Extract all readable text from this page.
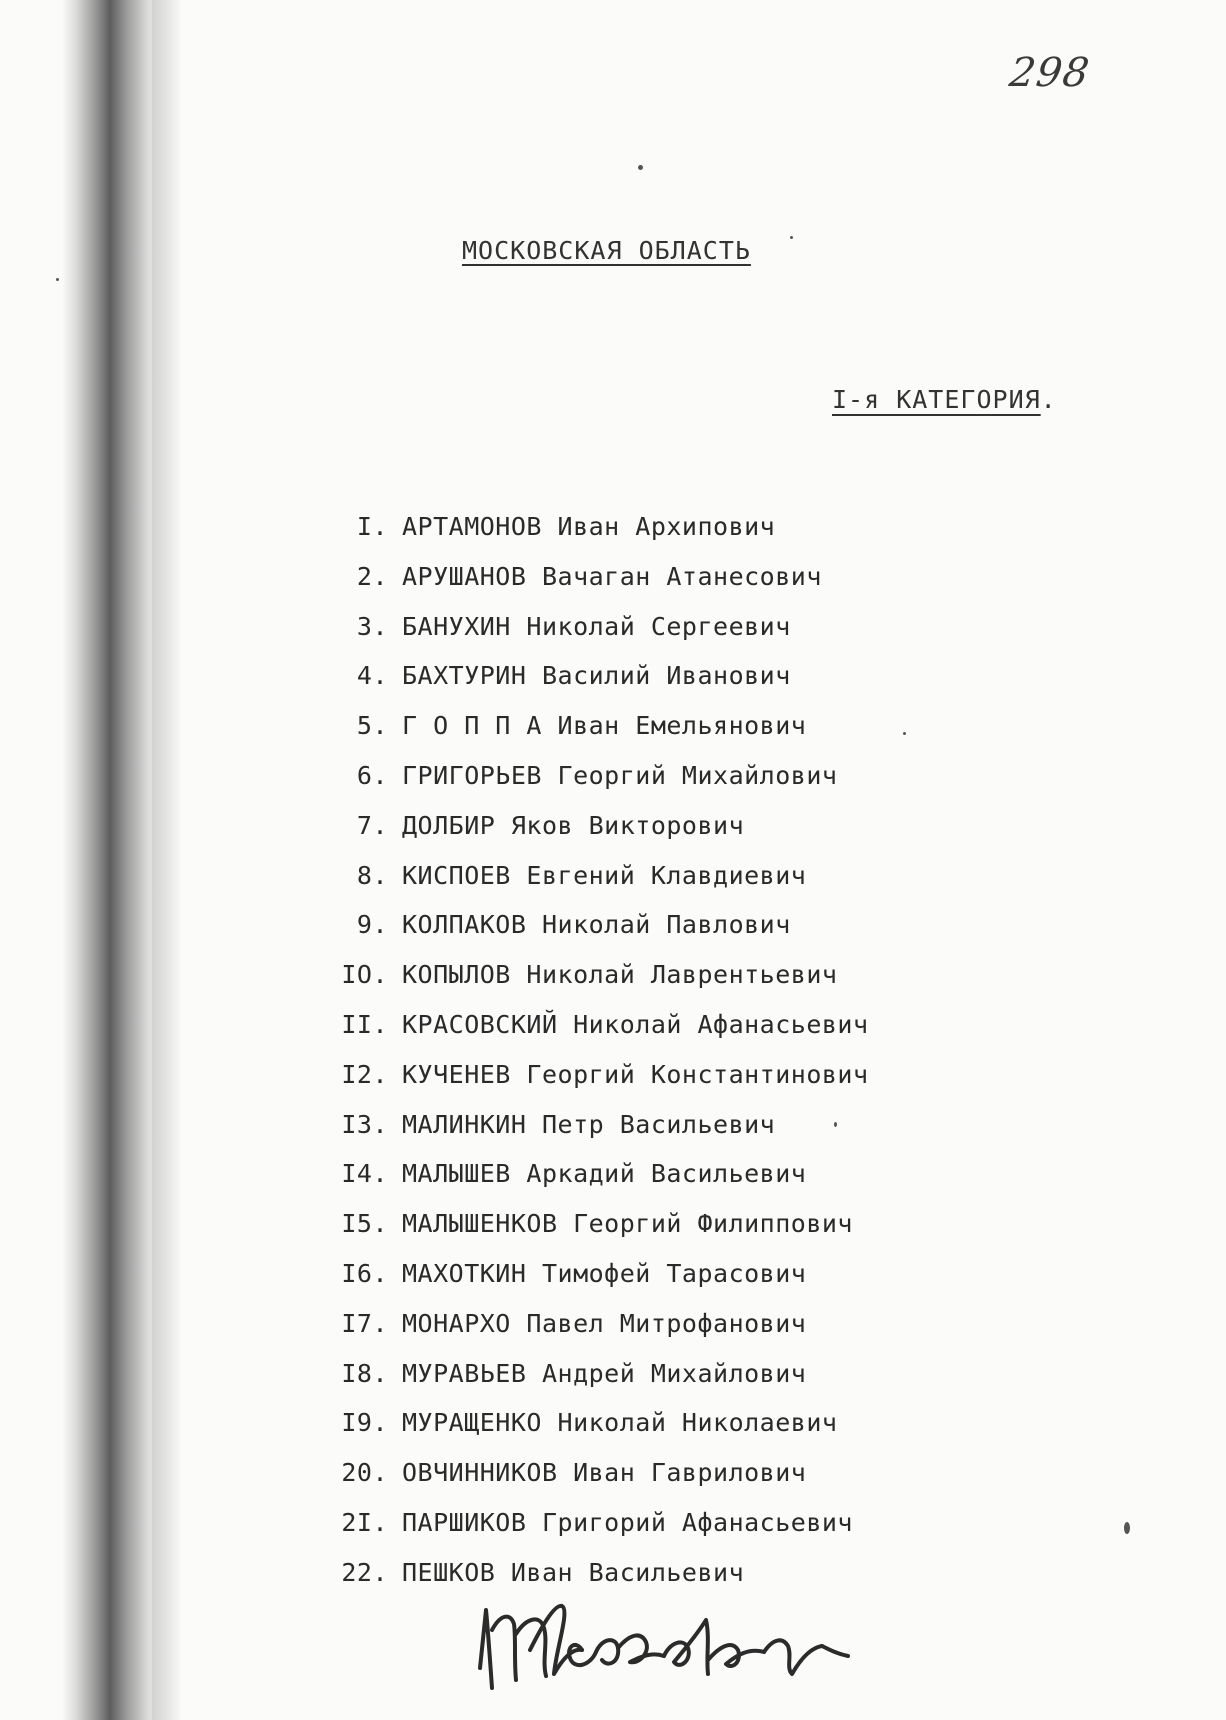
298
МОСКОВСКАЯ ОБЛАСТЬ
I-я КАТЕГОРИЯ.
I. АРТАМОНОВ Иван Архипович
2. АРУШАНОВ Вачаган Атанесович
3. БАНУХИН Николай Сергеевич
4. БАХТУРИН Василий Иванович
5. Г О П П А Иван Емельянович
6. ГРИГОРЬЕВ Георгий Михайлович
7. ДОЛБИР Яков Викторович
8. КИСПОЕВ Евгений Клавдиевич
9. КОЛПАКОВ Николай Павлович
IO. КОПЫЛОВ Николай Лаврентьевич
II. КРАСОВСКИЙ Николай Афанасьевич
I2. КУЧЕНЕВ Георгий Константинович
I3. МАЛИНКИН Петр Васильевич
I4. МАЛЫШЕВ Аркадий Васильевич
I5. МАЛЫШЕНКОВ Георгий Филиппович
I6. МАХОТКИН Тимофей Тарасович
I7. МОНАРХО Павел Митрофанович
I8. МУРАВЬЕВ Андрей Михайлович
I9. МУРАЩЕНКО Николай Николаевич
20. ОВЧИННИКОВ Иван Гаврилович
2I. ПАРШИКОВ Григорий Афанасьевич
22. ПЕШКОВ Иван Васильевич
